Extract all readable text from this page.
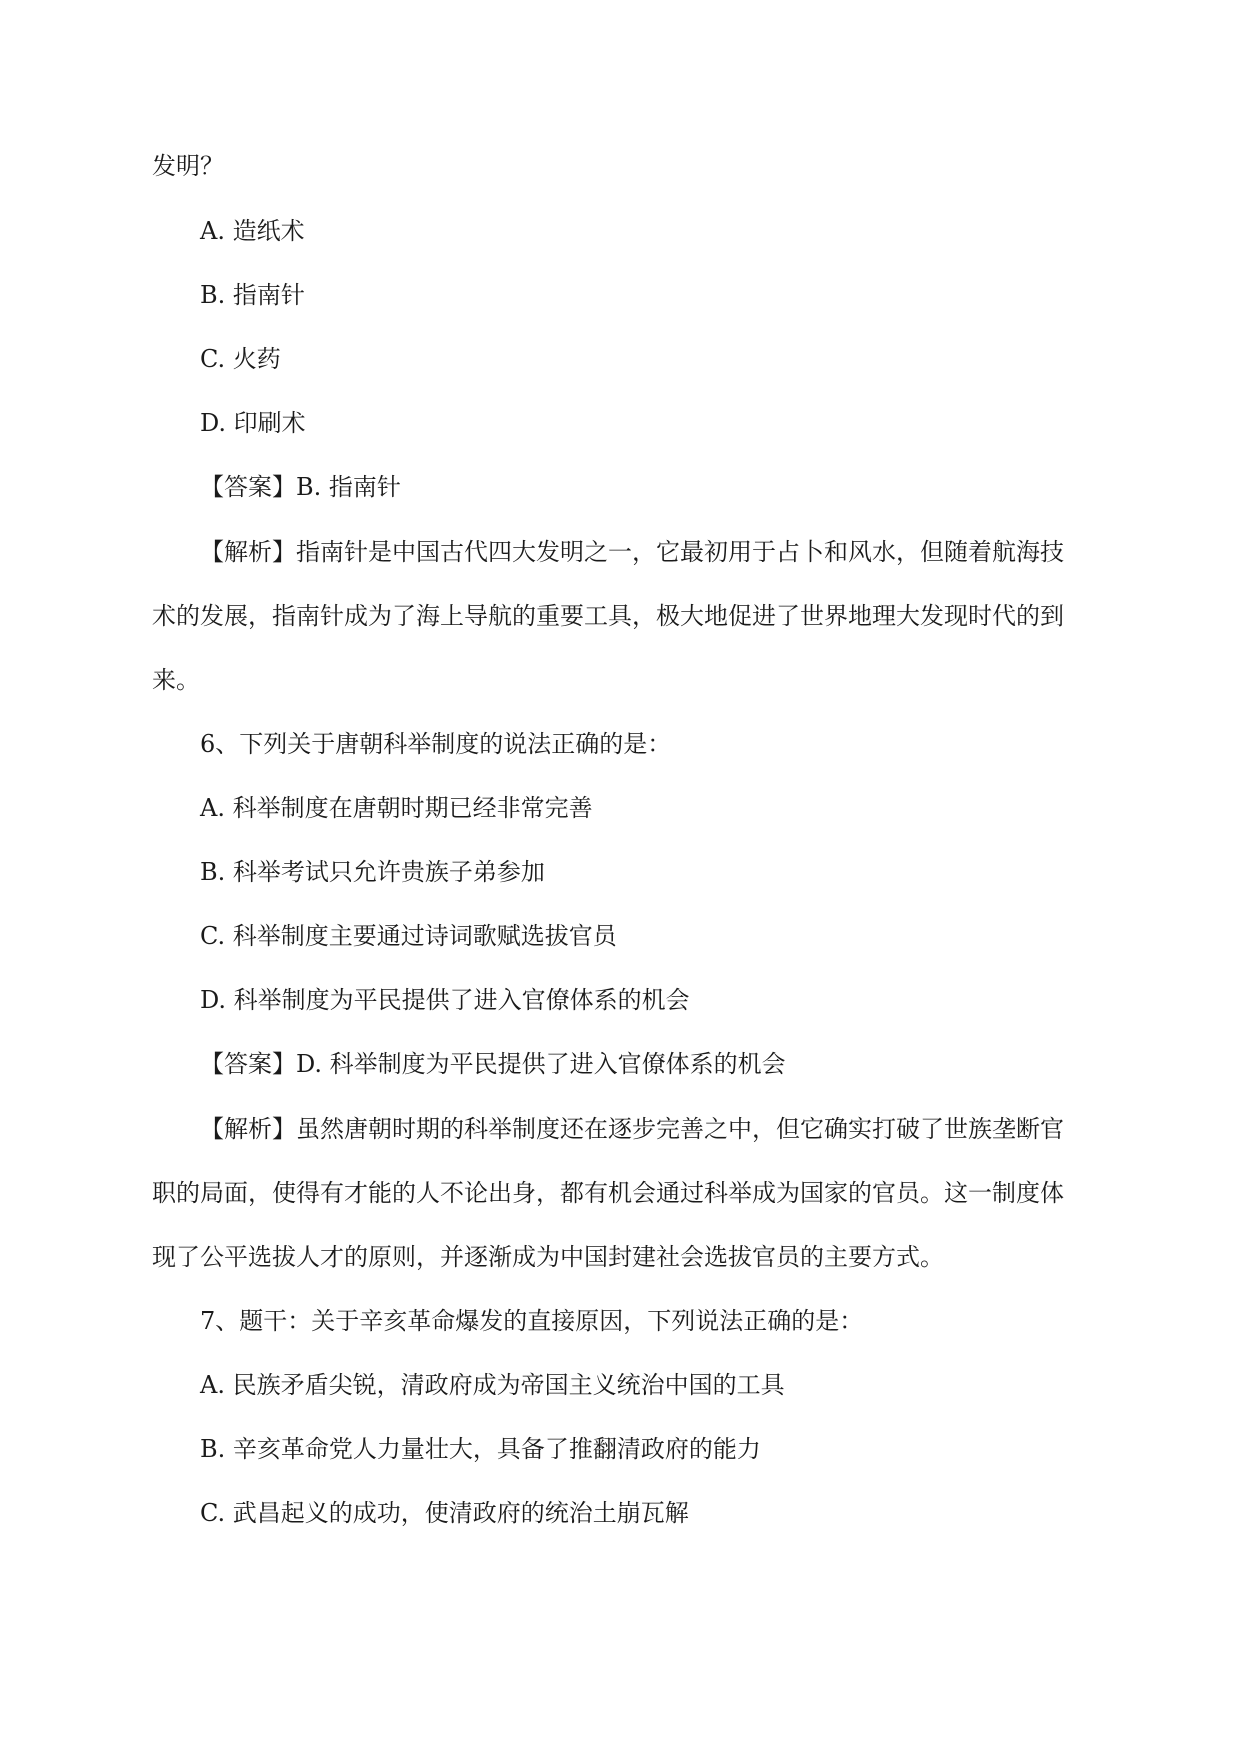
发明？
A. 造纸术
B. 指南针
C. 火药
D. 印刷术
【答案】B. 指南针
【解析】指南针是中国古代四大发明之一，它最初用于占卜和风水，但随着航海技
术的发展，指南针成为了海上导航的重要工具，极大地促进了世界地理大发现时代的到
来。
6、下列关于唐朝科举制度的说法正确的是：
A. 科举制度在唐朝时期已经非常完善
B. 科举考试只允许贵族子弟参加
C. 科举制度主要通过诗词歌赋选拔官员
D. 科举制度为平民提供了进入官僚体系的机会
【答案】D. 科举制度为平民提供了进入官僚体系的机会
【解析】虽然唐朝时期的科举制度还在逐步完善之中，但它确实打破了世族垄断官
职的局面，使得有才能的人不论出身，都有机会通过科举成为国家的官员。这一制度体
现了公平选拔人才的原则，并逐渐成为中国封建社会选拔官员的主要方式。
7、题干：关于辛亥革命爆发的直接原因，下列说法正确的是：
A. 民族矛盾尖锐，清政府成为帝国主义统治中国的工具
B. 辛亥革命党人力量壮大，具备了推翻清政府的能力
C. 武昌起义的成功，使清政府的统治土崩瓦解
